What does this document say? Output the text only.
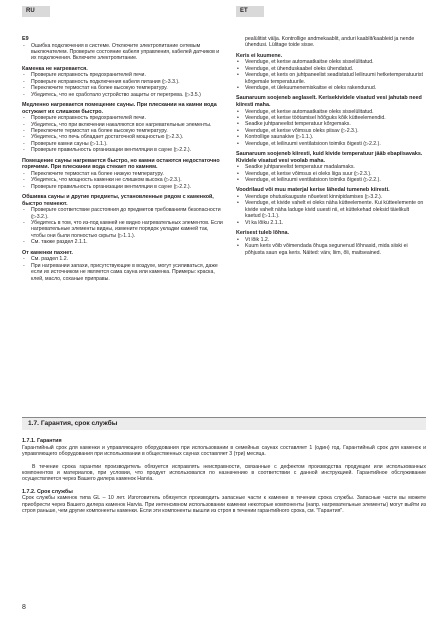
RU	ET
E9
- Ошибка подключения в системе. Отключите электропитание сетевым выключателем. Проверьте состояние кабеля управления, кабелей датчиков и их подключения. Включите электропитание.
Каменка не нагревается.
- Проверьте исправность предохранителей печи.
- Проверьте исправность подключения кабеля питания (▷3.3.).
- Переключите термостат на более высокую температуру.
- Убедитесь, что не сработало устройство защиты от перегрева. (▷3.5.)
Медленно нагревается помещение сауны. При плескании на камни вода остужает их слишком быстро.
- Проверьте исправность предохранителей печи.
- Убедитесь, что при включении накаляются все нагревательные элементы.
- Переключите термостат на более высокую температуру.
- Убедитесь, что печь обладает достаточной мощностью (▷2.3.).
- Проверьте камни сауны (▷1.1.).
- Проверьте правильность организации вентиляции в сауне (▷2.2.).
Помещение сауны нагревается быстро, но камни остаются недостаточно горячими. При плескании вода стекает по камням.
- Переключите термостат на более низкую температуру.
- Убедитесь, что мощность каменки не слишком высока (▷2.3.).
- Проверьте правильность организации вентиляции в сауне (▷2.2.).
Обшивка сауны и другие предметы, установленные рядом с каменкой, быстро темнеют.
- Проверьте соответствие расстояния до предметов требованиям безопасности (▷3.2.).
- Убедитесь в том, что из-под камней не видно нагревательных элементов. Если нагревательные элементы видны, измените порядок укладки камней так, чтобы они были полностью скрыты (▷1.1.).
- См. также раздел 2.1.1.
От каменки пахнет.
- См. раздел 1.2.
- При нагревании запахи, присутствующие в воздухе, могут усиливаться, даже если их источником не является сама сауна или каменка. Примеры: краска, клей, масло, соханые приправы.
pealülitist välja. Kontrollige andmekaablit, anduri kaablit/kaableid ja nende ühendusi. Lülitage toide sisse.
Keris ei kuumene.
• Veenduge, et kerise automaatkaitse oleks sisselülitatud.
• Veenduge, et ühenduskaabel oleks ühendatud.
• Veenduge, et keris on juhtpaneelist seadistatud leiliruumi hetketemperatuurist kõrgemale temperatuurile.
• Veenduge, et ülekuumenemiskaitse ei oleks rakendunud.
Saunaruum soojeneb aeglaselt. Kerisekividele visatud vesi jahutab need kiiresti maha.
• Veenduge, et kerise automaatkaitse oleks sisselülitatud.
• Veenduge, et kerise töötamisel hõõguks kõik kütteelemendid.
• Seadke juhtpaneelist temperatuur kõrgemaks.
• Veenduge, et kerise võimsus oleks piisav (▷2.3.).
• Kontrollige saunakive (▷1.1.).
• Veenduge, et leiliruumi ventilatsioon toimiks õigesti (▷2.2.).
Saunaruum soojeneb kiiresti, kuid kivide temperatuur jääb ebapiisavaks. Kividele visatud vesi voolab maha.
• Seadke juhtpaneelist temperatuur madalamaks.
• Veenduge, et kerise võimsus ei oleks liiga suur (▷2.3.).
• Veenduge, et leiliruumi ventilatsioon toimiks õigesti (▷2.2.).
Voodrilaud või muu materjal kerise lähedal tumeneb kiiresti.
• Veenduge ohutuskaugustе nõuetest kinnipidamises (▷3.2.).
• Veenduge, et kivide vahelt ei oleks näha kütteelemente. Kui kütteelemente on kivide vahelt näha laduge kivid uuesti nii, et küttekehad oleksid täielikult kaetud (▷1.1.).
• Vt ka lõiku 2.1.1.
Kerisest tuleb lõhna.
• Vt lõik 1.2.
• Kuum keris võib võimendada õhuga segunenud lõhnasid, mida siiski ei põhjusta saun ega keris. Näited: värv, liim, õli, maitseained.
1.7. Гарантия, срок службы
1.7.1. Гарантия

Гарантийный срок для каменки и управляющего оборудования при использовании в семейных саунах составляет 1 (один) год. Гарантийный срок для каменок и управляющего оборудования при использовании в общественных саунах составляет 3 (три) месяца.

В течение срока гарантии производитель обязуется исправлять неисправности, связанные с дефектом производства продукции или использованных компонентов и материалов, при условии, что продукт использовался по назначению в соответствии с данной инструкцией. Гарантийное обслуживание осуществляется через Вашего дилера каменок Harvia.

1.7.2. Срок службы

Срок службы каменок типа GL – 10 лет. Изготовитель обязуется производить запасные части к каменке в течении срока службы. Запасные части вы можете приобрести через Вашего дилера каменок Harvia. При интенсивном использовании каменки некоторые компоненты (напр. нагревательные элементы) могут выйти из строя раньше, чем другие компоненты каменки. Если эти компоненты вышли из строя в течении гарантийного срока, см. "Гарантия".

8
